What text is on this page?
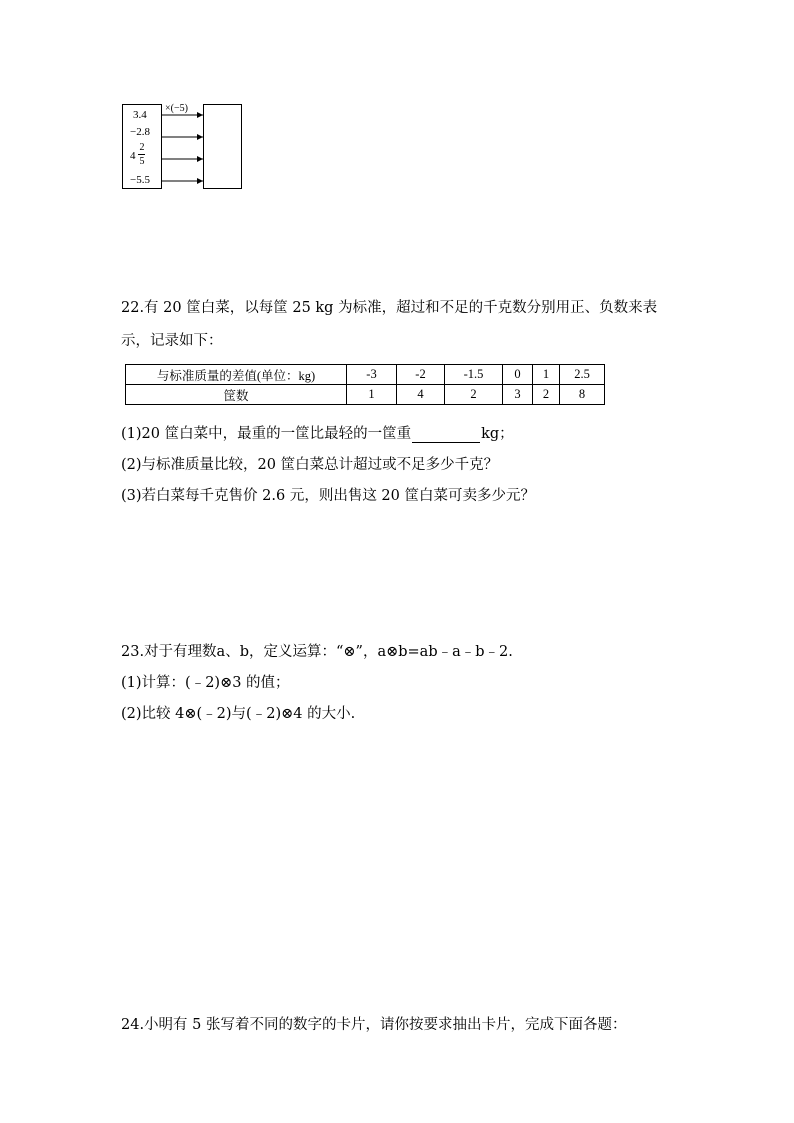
×(−5)
3.4
−2.8
4
2
5
−5.5
22.有 20 筐白菜，以每筐 25 kg 为标准，超过和不足的千克数分别用正、负数来表
示，记录如下：
与标准质量的差值(单位：kg)	-3	-2	-1.5	0	1	2.5
筐数	1	4	2	3	2	8
(1)20 筐白菜中，最重的一筐比最轻的一筐重	kg；
(2)与标准质量比较，20 筐白菜总计超过或不足多少千克？
(3)若白菜每千克售价 2.6 元，则出售这 20 筐白菜可卖多少元？
23.对于有理数a、b，定义运算：“⊗”，a⊗b=ab﹣a﹣b﹣2.
(1)计算：(﹣2)⊗3 的值；
(2)比较 4⊗(﹣2)与(﹣2)⊗4 的大小.
24.小明有 5 张写着不同的数字的卡片，请你按要求抽出卡片，完成下面各题：
